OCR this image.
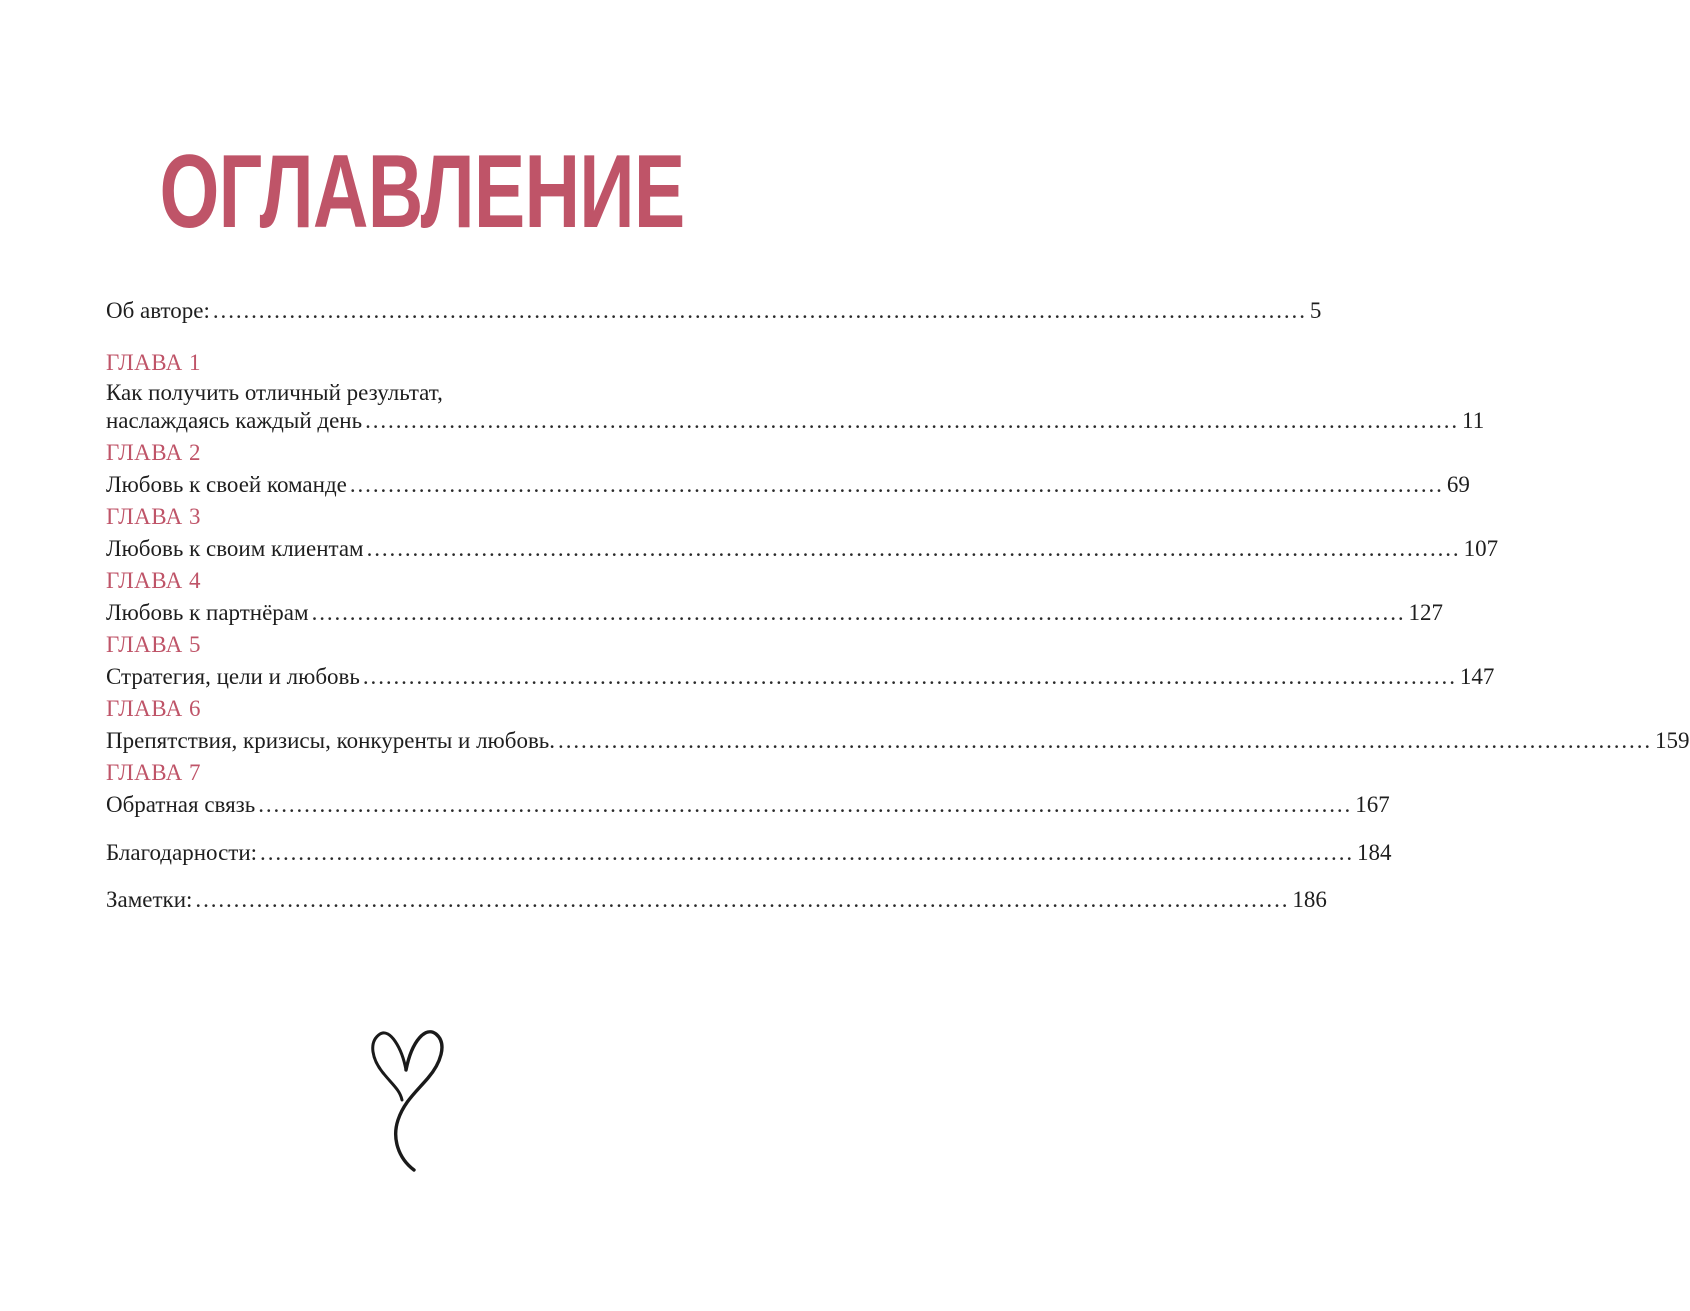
ОГЛАВЛЕНИЕ
Об авторе: ............................................................................................................................................... 5
ГЛАВА 1
Как получить отличный результат,
наслаждаясь каждый день ............................................................................................................................................... 11
ГЛАВА 2
Любовь к своей команде ............................................................................................................................................... 69
ГЛАВА 3
Любовь к своим клиентам ............................................................................................................................................... 107
ГЛАВА 4
Любовь к партнёрам ............................................................................................................................................... 127
ГЛАВА 5
Стратегия, цели и любовь ............................................................................................................................................... 147
ГЛАВА 6
Препятствия, кризисы, конкуренты и любовь. ............................................................................................................................................... 159
ГЛАВА 7
Обратная связь ............................................................................................................................................... 167
Благодарности: ............................................................................................................................................... 184
Заметки: ............................................................................................................................................... 186
